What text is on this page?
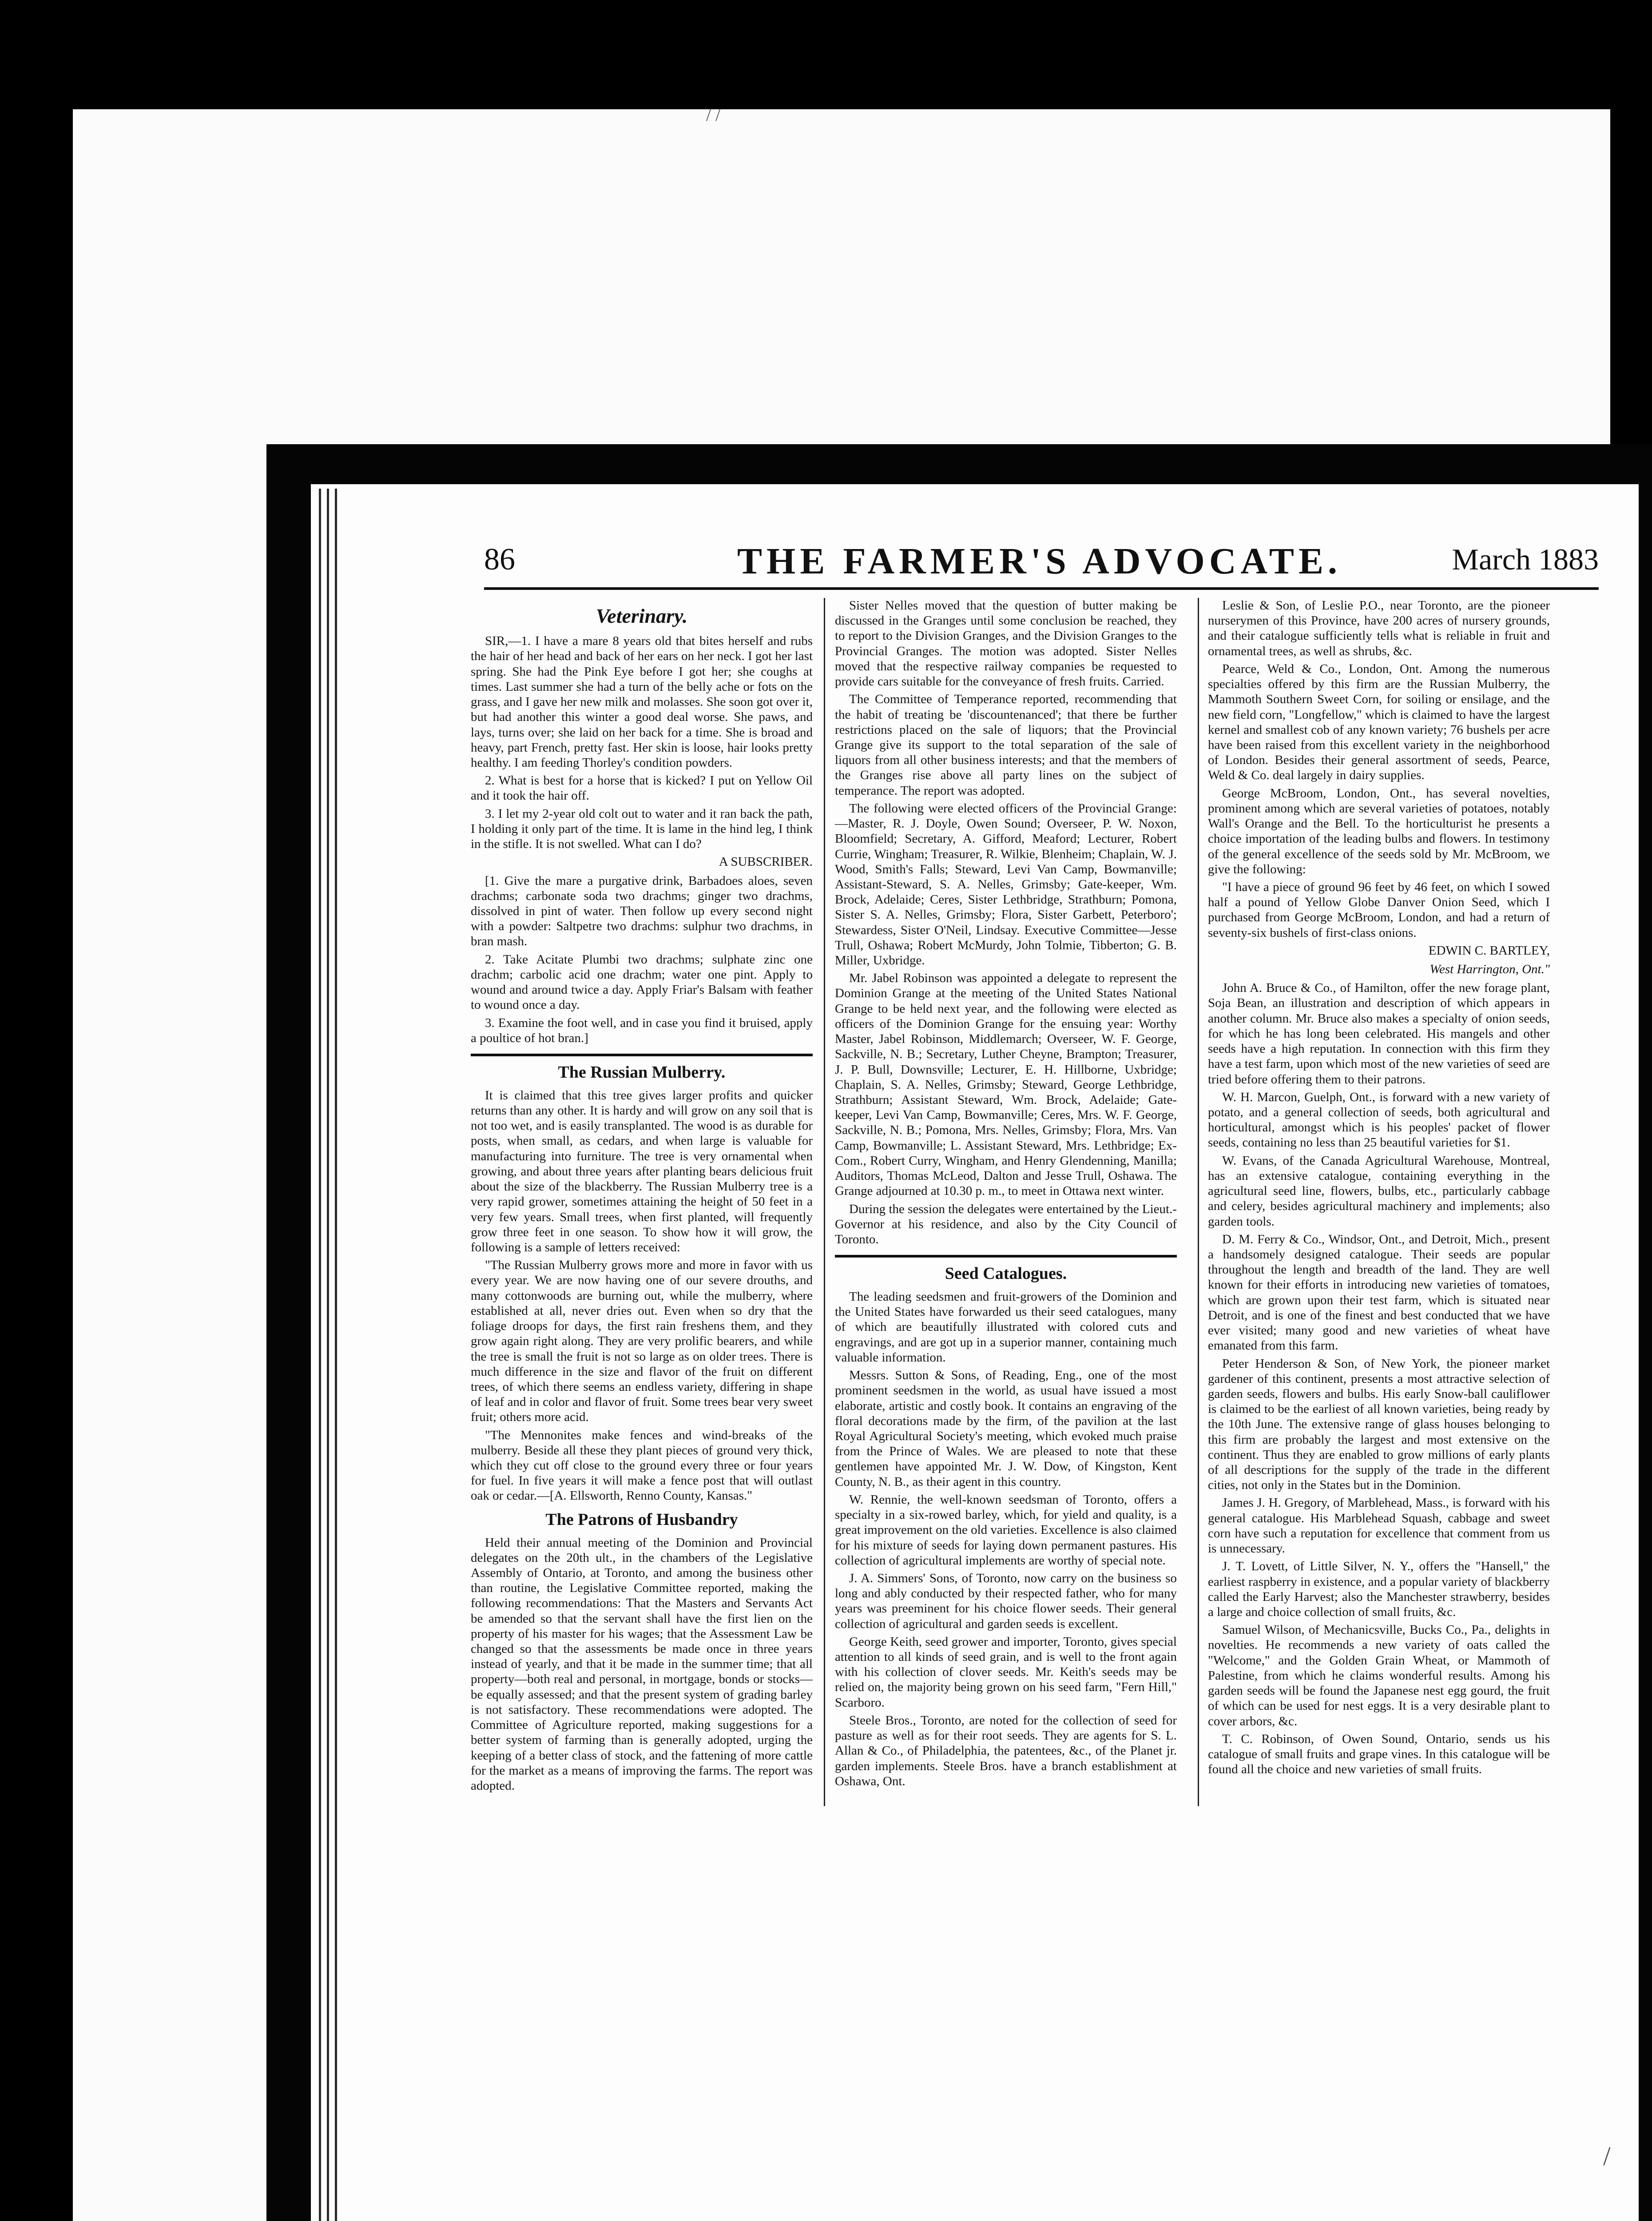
86	THE FARMER'S ADVOCATE.	March 1883
Veterinary.

SIR,—1. I have a mare 8 years old that bites herself and rubs the hair of her head and back of her ears on her neck. I got her last spring. She had the Pink Eye before I got her; she coughs at times. Last summer she had a turn of the belly ache or fots on the grass, and I gave her new milk and molasses. She soon got over it, but had another this winter a good deal worse. She paws, and lays, turns over; she laid on her back for a time. She is broad and heavy, part French, pretty fast. Her skin is loose, hair looks pretty healthy. I am feeding Thorley's condition powders.

2. What is best for a horse that is kicked? I put on Yellow Oil and it took the hair off.

3. I let my 2-year old colt out to water and it ran back the path, I holding it only part of the time. It is lame in the hind leg, I think in the stifle. It is not swelled. What can I do?

A SUBSCRIBER.

[1. Give the mare a purgative drink, Barbadoes aloes, seven drachms; carbonate soda two drachms; ginger two drachms, dissolved in pint of water. Then follow up every second night with a powder: Saltpetre two drachms: sulphur two drachms, in bran mash.

2. Take Acitate Plumbi two drachms; sulphate zinc one drachm; carbolic acid one drachm; water one pint. Apply to wound and around twice a day. Apply Friar's Balsam with feather to wound once a day.

3. Examine the foot well, and in case you find it bruised, apply a poultice of hot bran.]

The Russian Mulberry.

It is claimed that this tree gives larger profits and quicker returns than any other. It is hardy and will grow on any soil that is not too wet, and is easily transplanted. The wood is as durable for posts, when small, as cedars, and when large is valuable for manufacturing into furniture. The tree is very ornamental when growing, and about three years after planting bears delicious fruit about the size of the blackberry. The Russian Mulberry tree is a very rapid grower, sometimes attaining the height of 50 feet in a very few years. Small trees, when first planted, will frequently grow three feet in one season. To show how it will grow, the following is a sample of letters received:

"The Russian Mulberry grows more and more in favor with us every year. We are now having one of our severe drouths, and many cottonwoods are burning out, while the mulberry, where established at all, never dries out. Even when so dry that the foliage droops for days, the first rain freshens them, and they grow again right along. They are very prolific bearers, and while the tree is small the fruit is not so large as on older trees. There is much difference in the size and flavor of the fruit on different trees, of which there seems an endless variety, differing in shape of leaf and in color and flavor of fruit. Some trees bear very sweet fruit; others more acid.

"The Mennonites make fences and wind-breaks of the mulberry. Beside all these they plant pieces of ground very thick, which they cut off close to the ground every three or four years for fuel. In five years it will make a fence post that will outlast oak or cedar.—[A. Ellsworth, Renno County, Kansas."

The Patrons of Husbandry

Held their annual meeting of the Dominion and Provincial delegates on the 20th ult., in the chambers of the Legislative Assembly of Ontario, at Toronto, and among the business other than routine, the Legislative Committee reported, making the following recommendations: That the Masters and Servants Act be amended so that the servant shall have the first lien on the property of his master for his wages; that the Assessment Law be changed so that the assessments be made once in three years instead of yearly, and that it be made in the summer time; that all property—both real and personal, in mortgage, bonds or stocks—be equally assessed; and that the present system of grading barley is not satisfactory. These recommendations were adopted. The Committee of Agriculture reported, making suggestions for a better system of farming than is generally adopted, urging the keeping of a better class of stock, and the fattening of more cattle for the market as a means of improving the farms. The report was adopted.

Sister Nelles moved that the question of butter making be discussed in the Granges until some conclusion be reached, they to report to the Division Granges, and the Division Granges to the Provincial Granges. The motion was adopted. Sister Nelles moved that the respective railway companies be requested to provide cars suitable for the conveyance of fresh fruits. Carried.

The Committee of Temperance reported, recommending that the habit of treating be 'discountenanced'; that there be further restrictions placed on the sale of liquors; that the Provincial Grange give its support to the total separation of the sale of liquors from all other business interests; and that the members of the Granges rise above all party lines on the subject of temperance. The report was adopted.

The following were elected officers of the Provincial Grange:—Master, R. J. Doyle, Owen Sound; Overseer, P. W. Noxon, Bloomfield; Secretary, A. Gifford, Meaford; Lecturer, Robert Currie, Wingham; Treasurer, R. Wilkie, Blenheim; Chaplain, W. J. Wood, Smith's Falls; Steward, Levi Van Camp, Bowmanville; Assistant-Steward, S. A. Nelles, Grimsby; Gate-keeper, Wm. Brock, Adelaide; Ceres, Sister Lethbridge, Strathburn; Pomona, Sister S. A. Nelles, Grimsby; Flora, Sister Garbett, Peterboro'; Stewardess, Sister O'Neil, Lindsay. Executive Committee—Jesse Trull, Oshawa; Robert McMurdy, John Tolmie, Tibberton; G. B. Miller, Uxbridge.

Mr. Jabel Robinson was appointed a delegate to represent the Dominion Grange at the meeting of the United States National Grange to be held next year, and the following were elected as officers of the Dominion Grange for the ensuing year: Worthy Master, Jabel Robinson, Middlemarch; Overseer, W. F. George, Sackville, N. B.; Secretary, Luther Cheyne, Brampton; Treasurer, J. P. Bull, Downsville; Lecturer, E. H. Hillborne, Uxbridge; Chaplain, S. A. Nelles, Grimsby; Steward, George Lethbridge, Strathburn; Assistant Steward, Wm. Brock, Adelaide; Gate-keeper, Levi Van Camp, Bowmanville; Ceres, Mrs. W. F. George, Sackville, N. B.; Pomona, Mrs. Nelles, Grimsby; Flora, Mrs. Van Camp, Bowmanville; L. Assistant Steward, Mrs. Lethbridge; Ex-Com., Robert Curry, Wingham, and Henry Glendenning, Manilla; Auditors, Thomas McLeod, Dalton and Jesse Trull, Oshawa. The Grange adjourned at 10.30 p. m., to meet in Ottawa next winter.

During the session the delegates were entertained by the Lieut.-Governor at his residence, and also by the City Council of Toronto.

Seed Catalogues.

The leading seedsmen and fruit-growers of the Dominion and the United States have forwarded us their seed catalogues, many of which are beautifully illustrated with colored cuts and engravings, and are got up in a superior manner, containing much valuable information.

Messrs. Sutton & Sons, of Reading, Eng., one of the most prominent seedsmen in the world, as usual have issued a most elaborate, artistic and costly book. It contains an engraving of the floral decorations made by the firm, of the pavilion at the last Royal Agricultural Society's meeting, which evoked much praise from the Prince of Wales. We are pleased to note that these gentlemen have appointed Mr. J. W. Dow, of Kingston, Kent County, N. B., as their agent in this country.

W. Rennie, the well-known seedsman of Toronto, offers a specialty in a six-rowed barley, which, for yield and quality, is a great improvement on the old varieties. Excellence is also claimed for his mixture of seeds for laying down permanent pastures. His collection of agricultural implements are worthy of special note.

J. A. Simmers' Sons, of Toronto, now carry on the business so long and ably conducted by their respected father, who for many years was preeminent for his choice flower seeds. Their general collection of agricultural and garden seeds is excellent.

George Keith, seed grower and importer, Toronto, gives special attention to all kinds of seed grain, and is well to the front again with his collection of clover seeds. Mr. Keith's seeds may be relied on, the majority being grown on his seed farm, "Fern Hill," Scarboro.

Steele Bros., Toronto, are noted for the collection of seed for pasture as well as for their root seeds. They are agents for S. L. Allan & Co., of Philadelphia, the patentees, &c., of the Planet jr. garden implements. Steele Bros. have a branch establishment at Oshawa, Ont.

Leslie & Son, of Leslie P.O., near Toronto, are the pioneer nurserymen of this Province, have 200 acres of nursery grounds, and their catalogue sufficiently tells what is reliable in fruit and ornamental trees, as well as shrubs, &c.

Pearce, Weld & Co., London, Ont. Among the numerous specialties offered by this firm are the Russian Mulberry, the Mammoth Southern Sweet Corn, for soiling or ensilage, and the new field corn, "Longfellow," which is claimed to have the largest kernel and smallest cob of any known variety; 76 bushels per acre have been raised from this excellent variety in the neighborhood of London. Besides their general assortment of seeds, Pearce, Weld & Co. deal largely in dairy supplies.

George McBroom, London, Ont., has several novelties, prominent among which are several varieties of potatoes, notably Wall's Orange and the Bell. To the horticulturist he presents a choice importation of the leading bulbs and flowers. In testimony of the general excellence of the seeds sold by Mr. McBroom, we give the following:

"I have a piece of ground 96 feet by 46 feet, on which I sowed half a pound of Yellow Globe Danver Onion Seed, which I purchased from George McBroom, London, and had a return of seventy-six bushels of first-class onions.

EDWIN C. BARTLEY,
West Harrington, Ont."

John A. Bruce & Co., of Hamilton, offer the new forage plant, Soja Bean, an illustration and description of which appears in another column. Mr. Bruce also makes a specialty of onion seeds, for which he has long been celebrated. His mangels and other seeds have a high reputation. In connection with this firm they have a test farm, upon which most of the new varieties of seed are tried before offering them to their patrons.

W. H. Marcon, Guelph, Ont., is forward with a new variety of potato, and a general collection of seeds, both agricultural and horticultural, amongst which is his peoples' packet of flower seeds, containing no less than 25 beautiful varieties for $1.

W. Evans, of the Canada Agricultural Warehouse, Montreal, has an extensive catalogue, containing everything in the agricultural seed line, flowers, bulbs, etc., particularly cabbage and celery, besides agricultural machinery and implements; also garden tools.

D. M. Ferry & Co., Windsor, Ont., and Detroit, Mich., present a handsomely designed catalogue. Their seeds are popular throughout the length and breadth of the land. They are well known for their efforts in introducing new varieties of tomatoes, which are grown upon their test farm, which is situated near Detroit, and is one of the finest and best conducted that we have ever visited; many good and new varieties of wheat have emanated from this farm.

Peter Henderson & Son, of New York, the pioneer market gardener of this continent, presents a most attractive selection of garden seeds, flowers and bulbs. His early Snow-ball cauliflower is claimed to be the earliest of all known varieties, being ready by the 10th June. The extensive range of glass houses belonging to this firm are probably the largest and most extensive on the continent. Thus they are enabled to grow millions of early plants of all descriptions for the supply of the trade in the different cities, not only in the States but in the Dominion.

James J. H. Gregory, of Marblehead, Mass., is forward with his general catalogue. His Marblehead Squash, cabbage and sweet corn have such a reputation for excellence that comment from us is unnecessary.

J. T. Lovett, of Little Silver, N. Y., offers the "Hansell," the earliest raspberry in existence, and a popular variety of blackberry called the Early Harvest; also the Manchester strawberry, besides a large and choice collection of small fruits, &c.

Samuel Wilson, of Mechanicsville, Bucks Co., Pa., delights in novelties. He recommends a new variety of oats called the "Welcome," and the Golden Grain Wheat, or Mammoth of Palestine, from which he claims wonderful results. Among his garden seeds will be found the Japanese nest egg gourd, the fruit of which can be used for nest eggs. It is a very desirable plant to cover arbors, &c.

T. C. Robinson, of Owen Sound, Ontario, sends us his catalogue of small fruits and grape vines. In this catalogue will be found all the choice and new varieties of small fruits.

/ /
/
